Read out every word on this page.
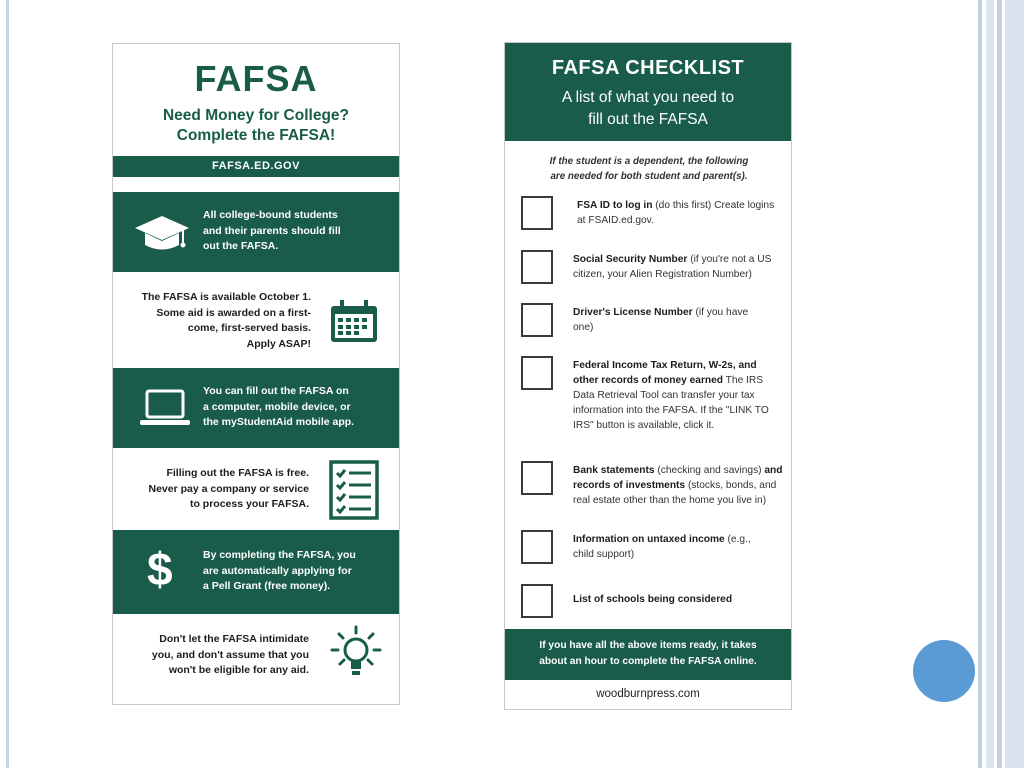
FAFSA
Need Money for College?
Complete the FAFSA!
FAFSA.ED.GOV
All college-bound students
and their parents should fill
out the FAFSA.
The FAFSA is available October 1.
Some aid is awarded on a first-
come, first-served basis.
Apply ASAP!
You can fill out the FAFSA on
a computer, mobile device, or
the myStudentAid mobile app.
Filling out the FAFSA is free.
Never pay a company or service
to process your FAFSA.
$	By completing the FAFSA, you
are automatically applying for
a Pell Grant (free money).
Don't let the FAFSA intimidate
you, and don't assume that you
won't be eligible for any aid.
FAFSA CHECKLIST
A list of what you need to
fill out the FAFSA
If the student is a dependent, the following
are needed for both student and parent(s).
FSA ID to log in (do this first) Create logins at FSAID.ed.gov.
Social Security Number (if you're not a US citizen, your Alien Registration Number)
Driver's License Number (if you have one)
Federal Income Tax Return, W-2s, and other records of money earned The IRS Data Retrieval Tool can transfer your tax information into the FAFSA. If the "LINK TO IRS" button is available, click it.
Bank statements (checking and savings) and records of investments (stocks, bonds, and real estate other than the home you live in)
Information on untaxed income (e.g., child support)
List of schools being considered
If you have all the above items ready, it takes
about an hour to complete the FAFSA online.
woodburnpress.com
